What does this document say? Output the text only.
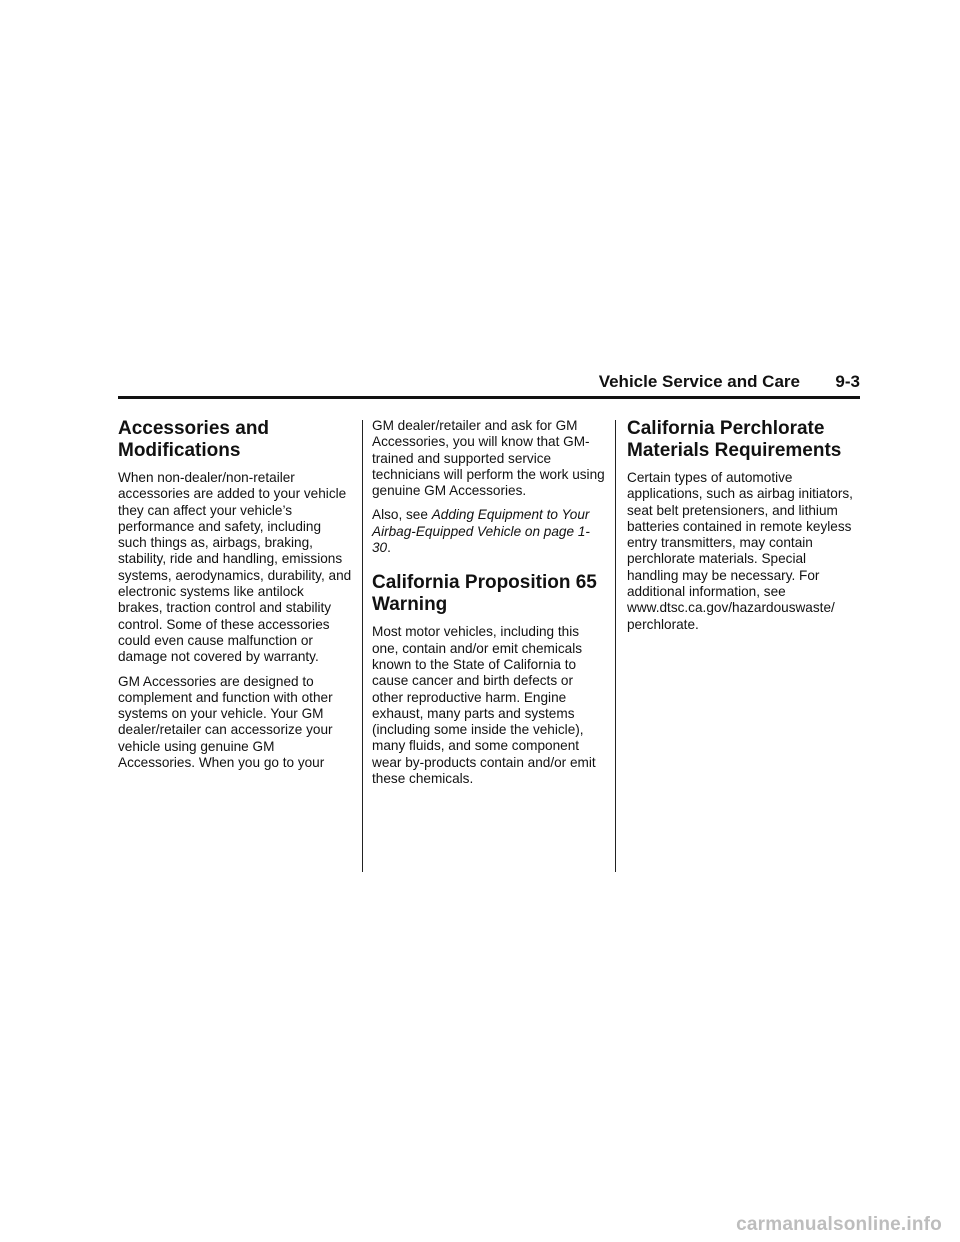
Vehicle Service and Care 9-3
Accessories and Modifications

When non-dealer/non-retailer accessories are added to your vehicle they can affect your vehicle’s performance and safety, including such things as, airbags, braking, stability, ride and handling, emissions systems, aerodynamics, durability, and electronic systems like antilock brakes, traction control and stability control. Some of these accessories could even cause malfunction or damage not covered by warranty.

GM Accessories are designed to complement and function with other systems on your vehicle. Your GM dealer/retailer can accessorize your vehicle using genuine GM Accessories. When you go to your

GM dealer/retailer and ask for GM Accessories, you will know that GM-trained and supported service technicians will perform the work using genuine GM Accessories.

Also, see Adding Equipment to Your Airbag-Equipped Vehicle on page 1-30.

California Proposition 65 Warning

Most motor vehicles, including this one, contain and/or emit chemicals known to the State of California to cause cancer and birth defects or other reproductive harm. Engine exhaust, many parts and systems (including some inside the vehicle), many fluids, and some component wear by-products contain and/or emit these chemicals.

California Perchlorate Materials Requirements

Certain types of automotive applications, such as airbag initiators, seat belt pretensioners, and lithium batteries contained in remote keyless entry transmitters, may contain perchlorate materials. Special handling may be necessary. For additional information, see www.dtsc.ca.gov/hazardouswaste/ perchlorate.

carmanualsonline.info
